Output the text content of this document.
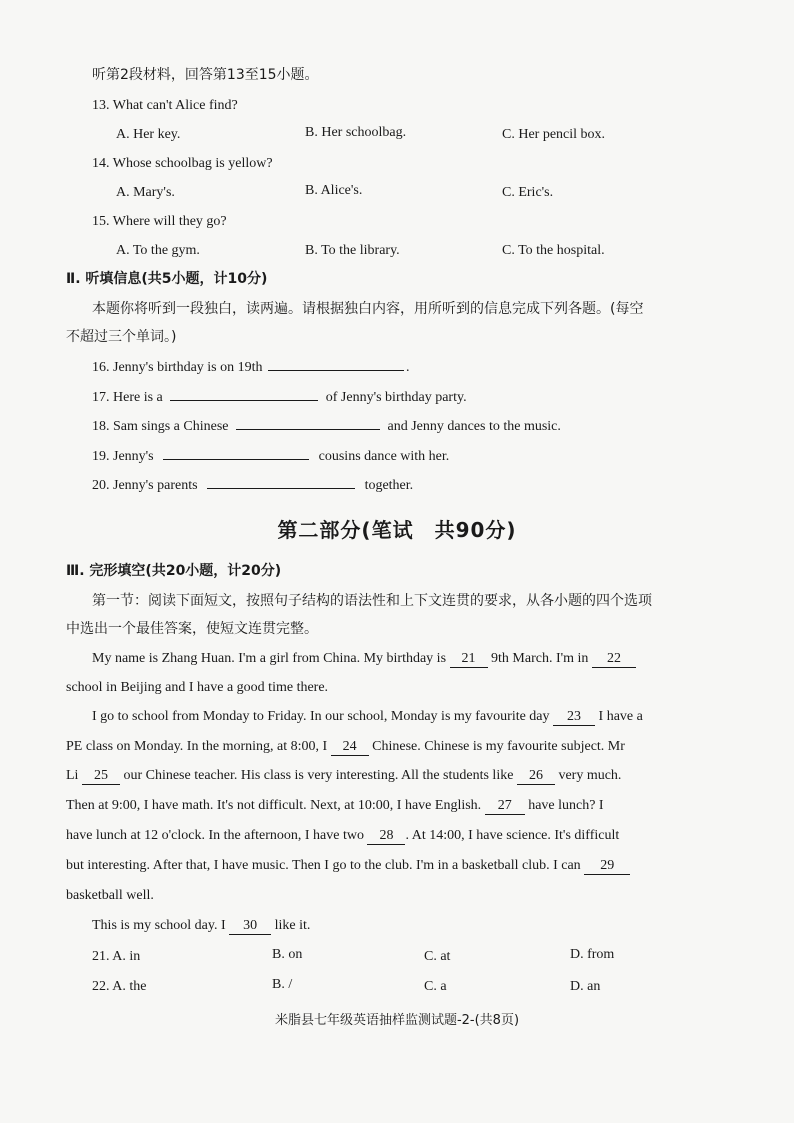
听第2段材料，回答第13至15小题。
13. What can't Alice find?
A. Her key.	B. Her schoolbag.	C. Her pencil box.
14. Whose schoolbag is yellow?
A. Mary's.	B. Alice's.	C. Eric's.
15. Where will they go?
A. To the gym.	B. To the library.	C. To the hospital.
Ⅱ. 听填信息(共5小题，计10分)
本题你将听到一段独白，读两遍。请根据独白内容，用所听到的信息完成下列各题。(每空
不超过三个单词。)
16. Jenny's birthday is on 19th	.
17. Here is a	of Jenny's birthday party.
18. Sam sings a Chinese	and Jenny dances to the music.
19. Jenny's	cousins dance with her.
20. Jenny's parents	together.
第二部分(笔试　共90分)
Ⅲ. 完形填空(共20小题，计20分)
第一节：阅读下面短文，按照句子结构的语法性和上下文连贯的要求，从各小题的四个选项
中选出一个最佳答案，使短文连贯完整。
My name is Zhang Huan. I'm a girl from China. My birthday is 21 9th March. I'm in 22
school in Beijing and I have a good time there.
I go to school from Monday to Friday. In our school, Monday is my favourite day 23 I have a
PE class on Monday. In the morning, at 8:00, I 24 Chinese. Chinese is my favourite subject. Mr
Li 25 our Chinese teacher. His class is very interesting. All the students like 26 very much.
Then at 9:00, I have math. It's not difficult. Next, at 10:00, I have English. 27 have lunch? I
have lunch at 12 o'clock. In the afternoon, I have two 28 . At 14:00, I have science. It's difficult
but interesting. After that, I have music. Then I go to the club. I'm in a basketball club. I can 29
basketball well.
This is my school day. I 30 like it.
21. A. in	B. on	C. at	D. from
22. A. the	B. /	C. a	D. an
米脂县七年级英语抽样监测试题-2-(共8页)
